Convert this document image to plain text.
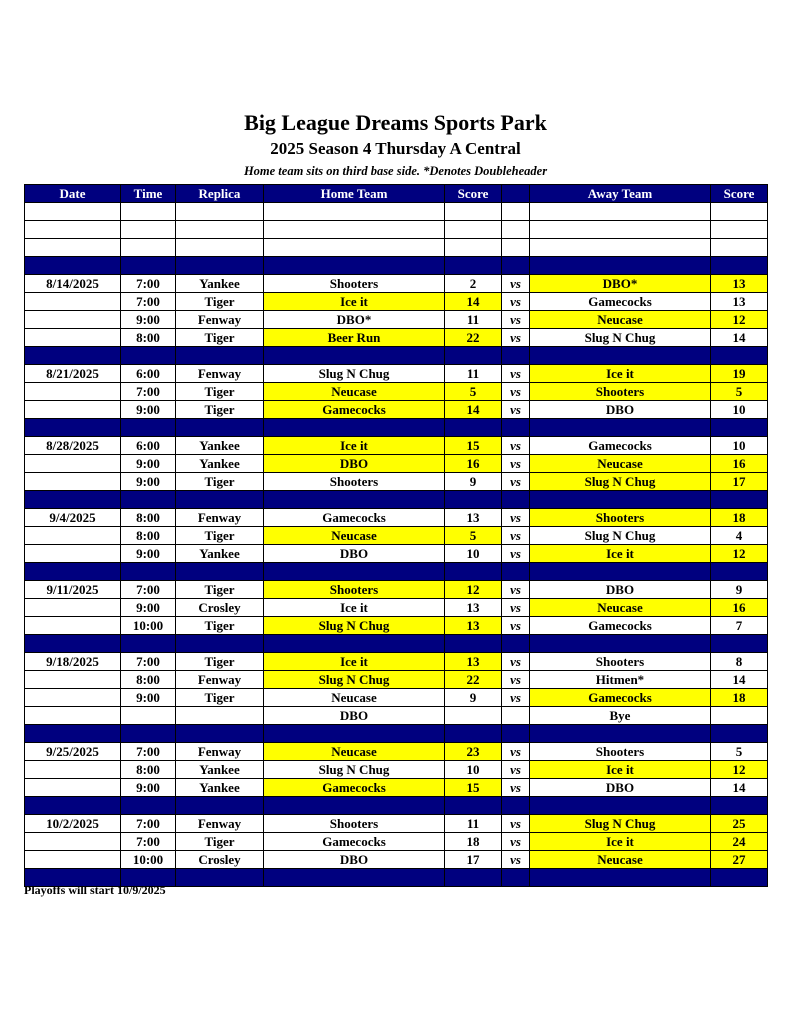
Big League Dreams Sports Park
2025 Season 4 Thursday A Central

Home team sits on third base side. *Denotes Doubleheader

Date	Time	Replica	Home Team	Score		Away Team	Score

8/14/2025	7:00	Yankee	Shooters	2	vs	DBO*	13
	7:00	Tiger	Ice it	14	vs	Gamecocks	13
	9:00	Fenway	DBO*	11	vs	Neucase	12
	8:00	Tiger	Beer Run	22	vs	Slug N Chug	14

8/21/2025	6:00	Fenway	Slug N Chug	11	vs	Ice it	19
	7:00	Tiger	Neucase	5	vs	Shooters	5
	9:00	Tiger	Gamecocks	14	vs	DBO	10

8/28/2025	6:00	Yankee	Ice it	15	vs	Gamecocks	10
	9:00	Yankee	DBO	16	vs	Neucase	16
	9:00	Tiger	Shooters	9	vs	Slug N Chug	17

9/4/2025	8:00	Fenway	Gamecocks	13	vs	Shooters	18
	8:00	Tiger	Neucase	5	vs	Slug N Chug	4
	9:00	Yankee	DBO	10	vs	Ice it	12

9/11/2025	7:00	Tiger	Shooters	12	vs	DBO	9
	9:00	Crosley	Ice it	13	vs	Neucase	16
	10:00	Tiger	Slug N Chug	13	vs	Gamecocks	7

9/18/2025	7:00	Tiger	Ice it	13	vs	Shooters	8
	8:00	Fenway	Slug N Chug	22	vs	Hitmen*	14
	9:00	Tiger	Neucase	9	vs	Gamecocks	18
			DBO			Bye	

9/25/2025	7:00	Fenway	Neucase	23	vs	Shooters	5
	8:00	Yankee	Slug N Chug	10	vs	Ice it	12
	9:00	Yankee	Gamecocks	15	vs	DBO	14

10/2/2025	7:00	Fenway	Shooters	11	vs	Slug N Chug	25
	7:00	Tiger	Gamecocks	18	vs	Ice it	24
	10:00	Crosley	DBO	17	vs	Neucase	27

Playoffs will start 10/9/2025
